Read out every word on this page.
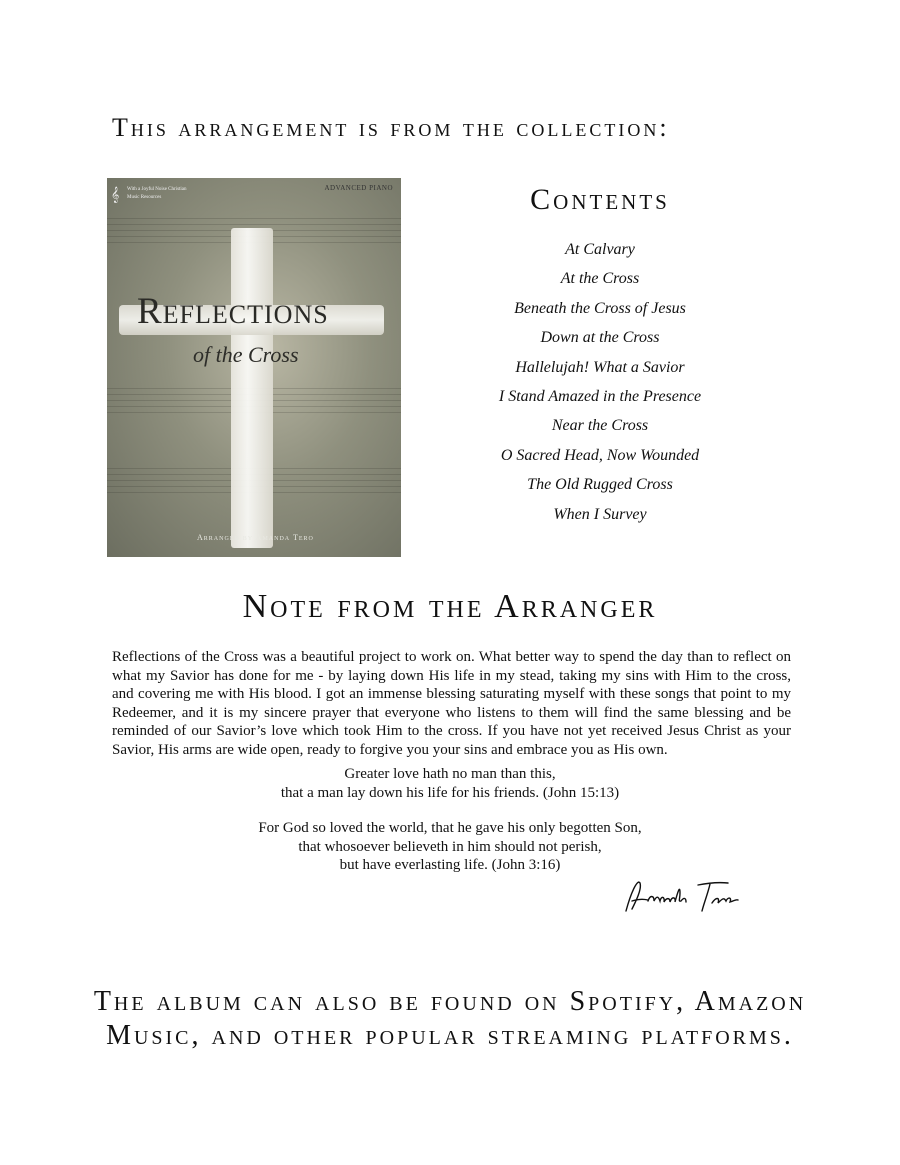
This arrangement is from the collection:
𝄞 With a Joyful Noise Christian Music Resources
ADVANCED PIANO
Reflections
of the Cross
Arranged by Amanda Tero
Contents
At Calvary
At the Cross
Beneath the Cross of Jesus
Down at the Cross
Hallelujah! What a Savior
I Stand Amazed in the Presence
Near the Cross
O Sacred Head, Now Wounded
The Old Rugged Cross
When I Survey
Note from the Arranger
Reflections of the Cross was a beautiful project to work on. What better way to spend the day than to reflect on what my Savior has done for me - by laying down His life in my stead, taking my sins with Him to the cross, and covering me with His blood. I got an immense blessing saturating myself with these songs that point to my Redeemer, and it is my sincere prayer that everyone who listens to them will find the same blessing and be reminded of our Savior’s love which took Him to the cross. If you have not yet received Jesus Christ as your Savior, His arms are wide open, ready to forgive you your sins and embrace you as His own.
Greater love hath no man than this,
that a man lay down his life for his friends. (John 15:13)
For God so loved the world, that he gave his only begotten Son,
that whosoever believeth in him should not perish,
but have everlasting life. (John 3:16)
The album can also be found on Spotify, Amazon
Music, and other popular streaming platforms.
